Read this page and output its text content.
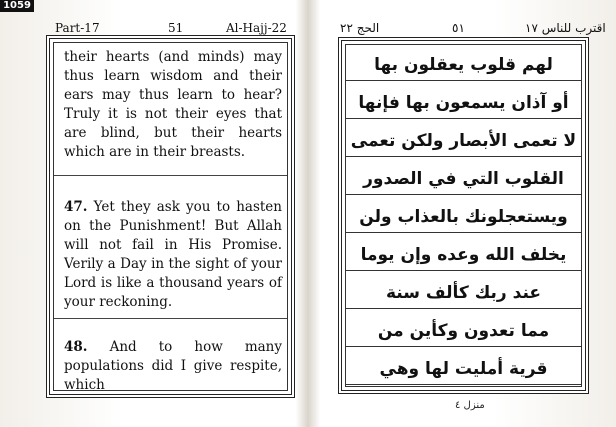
1059
Part-17	51	Al-Hajj-22	الحج ٢٢	٥١	اقترب للناس ١٧
their hearts (and minds) may thus learn wisdom and their ears may thus learn to hear? Truly it is not their eyes that are blind, but their hearts which are in their breasts.
47. Yet they ask you to hasten on the Punishment! But Allah will not fail in His Promise. Verily a Day in the sight of your Lord is like a thousand years of your reckoning.
48. And to how many populations did I give respite, which
لهم قلوب يعقلون بها
أو آذان يسمعون بها فإنها
لا تعمى الأبصار ولكن تعمى
القلوب التي في الصدور
ويستعجلونك بالعذاب ولن
يخلف الله وعده وإن يوما
عند ربك كألف سنة
مما تعدون وكأين من
قرية أمليت لها وهي
منزل ٤
